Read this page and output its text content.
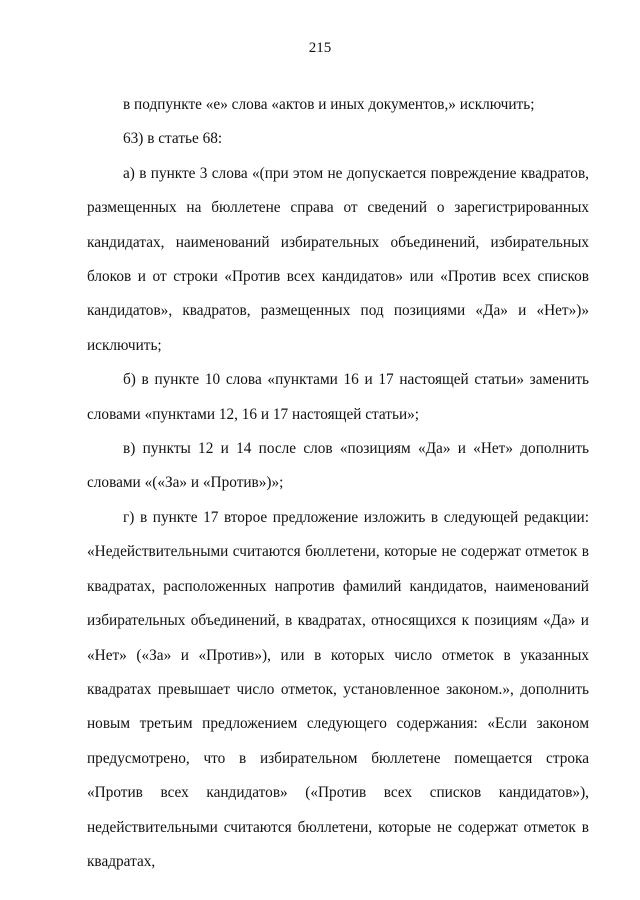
215

в подпункте «е» слова «актов и иных документов,» исключить;

63) в статье 68:

а) в пункте 3 слова «(при этом не допускается повреждение квадратов, размещенных на бюллетене справа от сведений о зарегистрированных кандидатах, наименований избирательных объединений, избирательных блоков и от строки «Против всех кандидатов» или «Против всех списков кандидатов», квадратов, размещенных под позициями «Да» и «Нет»)» исключить;

б) в пункте 10 слова «пунктами 16 и 17 настоящей статьи» заменить словами «пунктами 12, 16 и 17 настоящей статьи»;

в) пункты 12 и 14 после слов «позициям «Да» и «Нет» дополнить словами «(«За» и «Против»)»;

г) в пункте 17 второе предложение изложить в следующей редакции: «Недействительными считаются бюллетени, которые не содержат отметок в квадратах, расположенных напротив фамилий кандидатов, наименований избирательных объединений, в квадратах, относящихся к позициям «Да» и «Нет» («За» и «Против»), или в которых число отметок в указанных квадратах превышает число отметок, установленное законом.», дополнить новым третьим предложением следующего содержания: «Если законом предусмотрено, что в избирательном бюллетене помещается строка «Против всех кандидатов» («Против всех списков кандидатов»), недействительными считаются бюллетени, которые не содержат отметок в квадратах,
